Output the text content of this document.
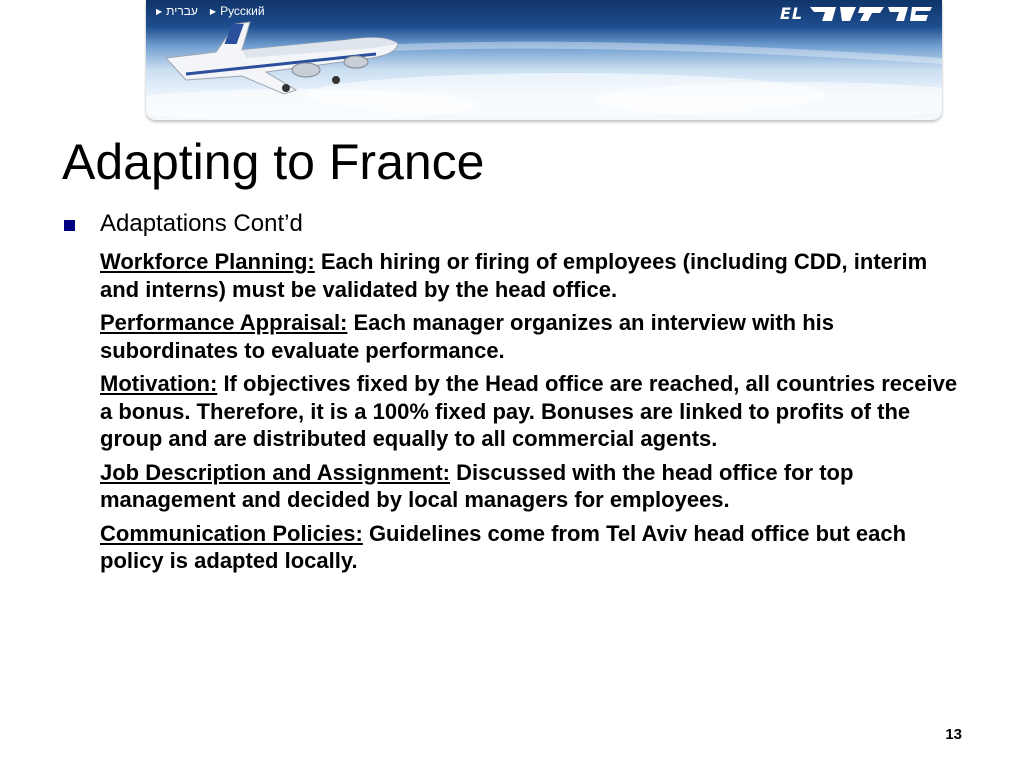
▶ עברית ▶ Русский	EL
Adapting to France
Adaptations Cont’d

Workforce Planning: Each hiring or firing of employees (including CDD, interim and interns) must be validated by the head office.

Performance Appraisal: Each manager organizes an interview with his subordinates to evaluate performance.

Motivation: If objectives fixed by the Head office are reached, all countries receive a bonus. Therefore, it is a 100% fixed pay. Bonuses are linked to profits of the group and are distributed equally to all commercial agents.

Job Description and Assignment: Discussed with the head office for top management and decided by local managers for employees.

Communication Policies: Guidelines come from Tel Aviv head office but each policy is adapted locally.

13
